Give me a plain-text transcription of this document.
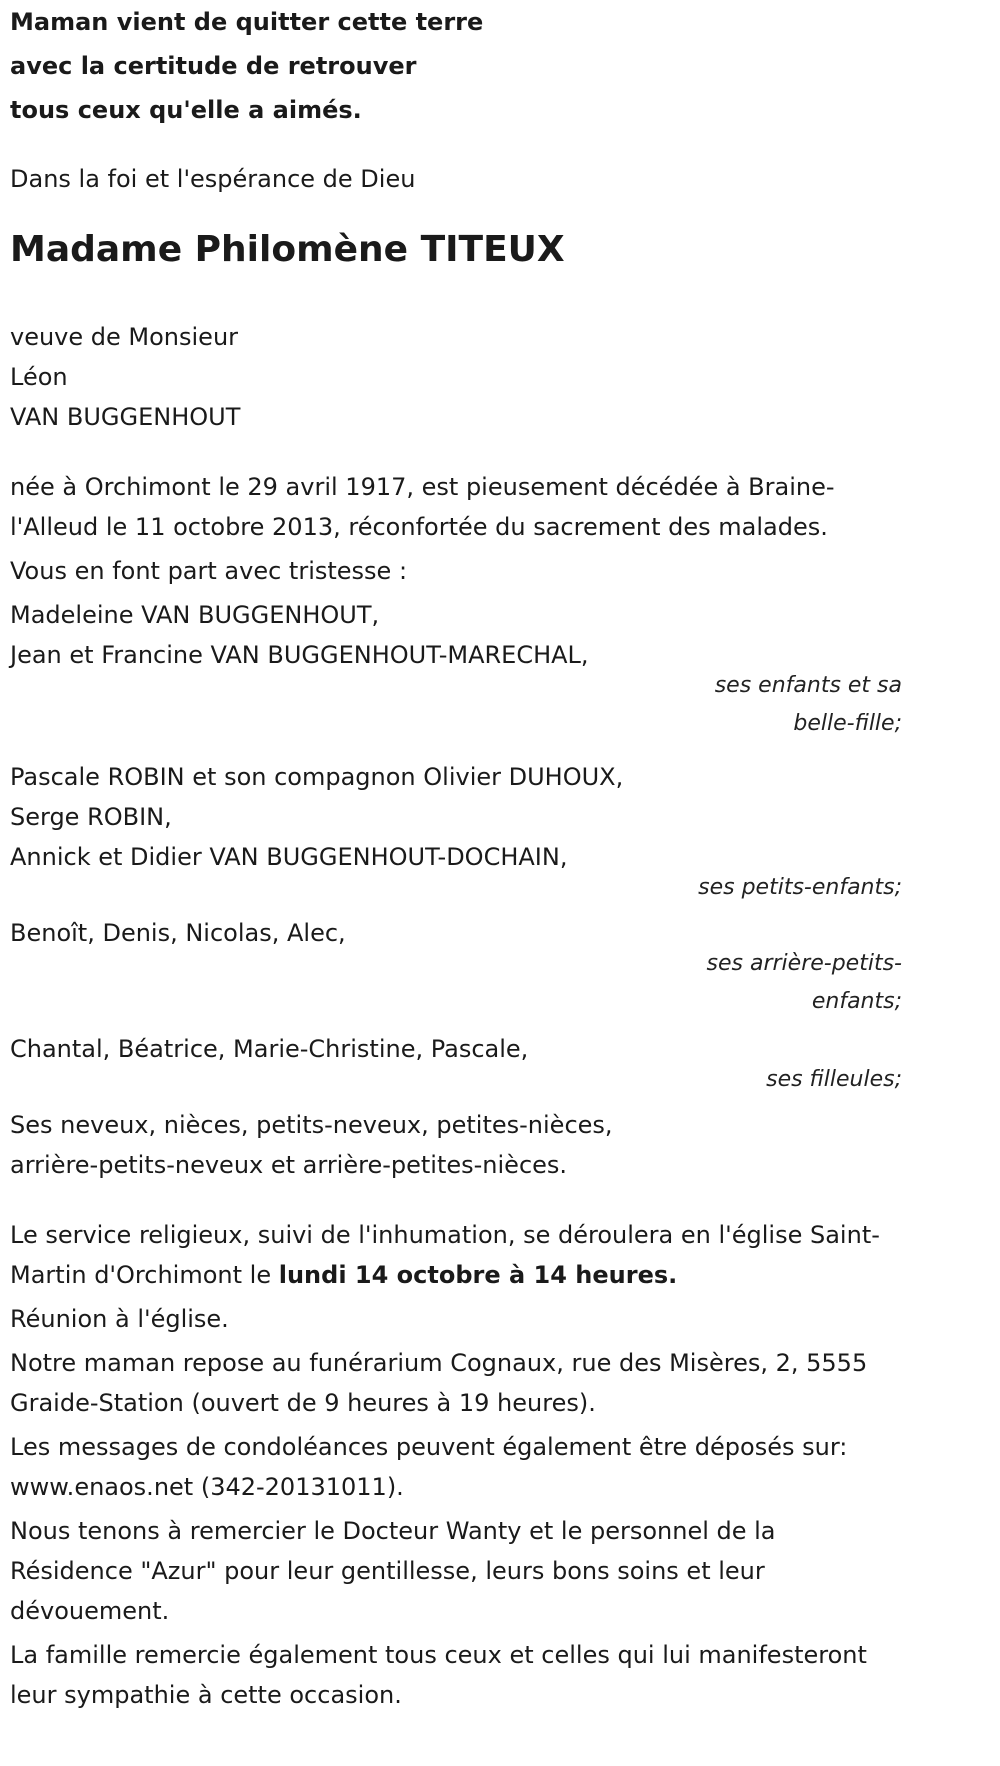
Maman vient de quitter cette terre
avec la certitude de retrouver
tous ceux qu'elle a aimés.

Dans la foi et l'espérance de Dieu

Madame Philomène TITEUX

veuve de Monsieur

Léon

VAN BUGGENHOUT

née à Orchimont le 29 avril 1917, est pieusement décédée à Braine-l'Alleud le 11 octobre 2013, réconfortée du sacrement des malades.

Vous en font part avec tristesse :

Madeleine VAN BUGGENHOUT,

Jean et Francine VAN BUGGENHOUT-MARECHAL,

ses enfants et sa belle-fille;

Pascale ROBIN et son compagnon Olivier DUHOUX,

Serge ROBIN,

Annick et Didier VAN BUGGENHOUT-DOCHAIN,

ses petits-enfants;

Benoît, Denis, Nicolas, Alec,

ses arrière-petits-enfants;

Chantal, Béatrice, Marie-Christine, Pascale,

ses filleules;

Ses neveux, nièces, petits-neveux, petites-nièces, arrière-petits-neveux et arrière-petites-nièces.

Le service religieux, suivi de l'inhumation, se déroulera en l'église Saint-Martin d'Orchimont le lundi 14 octobre à 14 heures.

Réunion à l'église.

Notre maman repose au funérarium Cognaux, rue des Misères, 2, 5555 Graide-Station (ouvert de 9 heures à 19 heures).

Les messages de condoléances peuvent également être déposés sur: www.enaos.net (342-20131011).

Nous tenons à remercier le Docteur Wanty et le personnel de la Résidence "Azur" pour leur gentillesse, leurs bons soins et leur dévouement.

La famille remercie également tous ceux et celles qui lui manifesteront leur sympathie à cette occasion.
